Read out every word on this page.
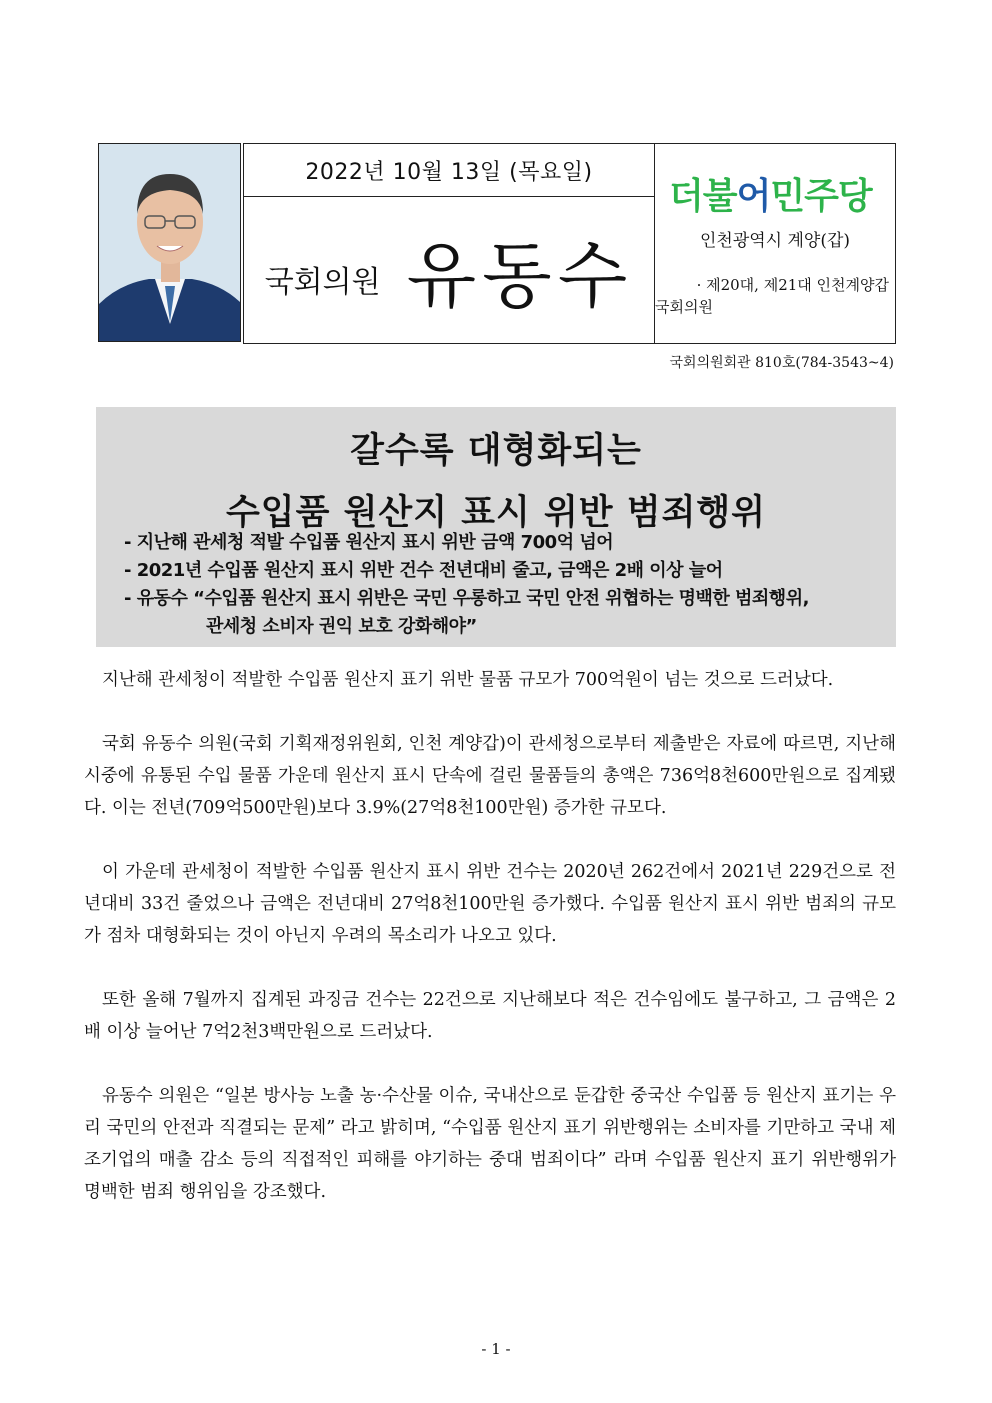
2022년 10월 13일 (목요일)
국회의원 유동수
더불어민주당
인천광역시 계양(갑)
· 제20대, 제21대 인천계양갑
국회의원
국회의원회관 810호(784-3543~4)
갈수록 대형화되는
수입품 원산지 표시 위반 범죄행위
- 지난해 관세청 적발 수입품 원산지 표시 위반 금액 700억 넘어
- 2021년 수입품 원산지 표시 위반 건수 전년대비 줄고, 금액은 2배 이상 늘어
- 유동수 “수입품 원산지 표시 위반은 국민 우롱하고 국민 안전 위협하는 명백한 범죄행위,
관세청 소비자 권익 보호 강화해야”

지난해 관세청이 적발한 수입품 원산지 표기 위반 물품 규모가 700억원이 넘는 것으로 드러났다.

국회 유동수 의원(국회 기획재정위원회, 인천 계양갑)이 관세청으로부터 제출받은 자료에 따르면, 지난해 시중에 유통된 수입 물품 가운데 원산지 표시 단속에 걸린 물품들의 총액은 736억8천600만원으로 집계됐다. 이는 전년(709억500만원)보다 3.9%(27억8천100만원) 증가한 규모다.

이 가운데 관세청이 적발한 수입품 원산지 표시 위반 건수는 2020년 262건에서 2021년 229건으로 전년대비 33건 줄었으나 금액은 전년대비 27억8천100만원 증가했다. 수입품 원산지 표시 위반 범죄의 규모가 점차 대형화되는 것이 아닌지 우려의 목소리가 나오고 있다.

또한 올해 7월까지 집계된 과징금 건수는 22건으로 지난해보다 적은 건수임에도 불구하고, 그 금액은 2배 이상 늘어난 7억2천3백만원으로 드러났다.

유동수 의원은 “일본 방사능 노출 농·수산물 이슈, 국내산으로 둔갑한 중국산 수입품 등 원산지 표기는 우리 국민의 안전과 직결되는 문제” 라고 밝히며, “수입품 원산지 표기 위반행위는 소비자를 기만하고 국내 제조기업의 매출 감소 등의 직접적인 피해를 야기하는 중대 범죄이다” 라며 수입품 원산지 표기 위반행위가 명백한 범죄 행위임을 강조했다.

- 1 -
